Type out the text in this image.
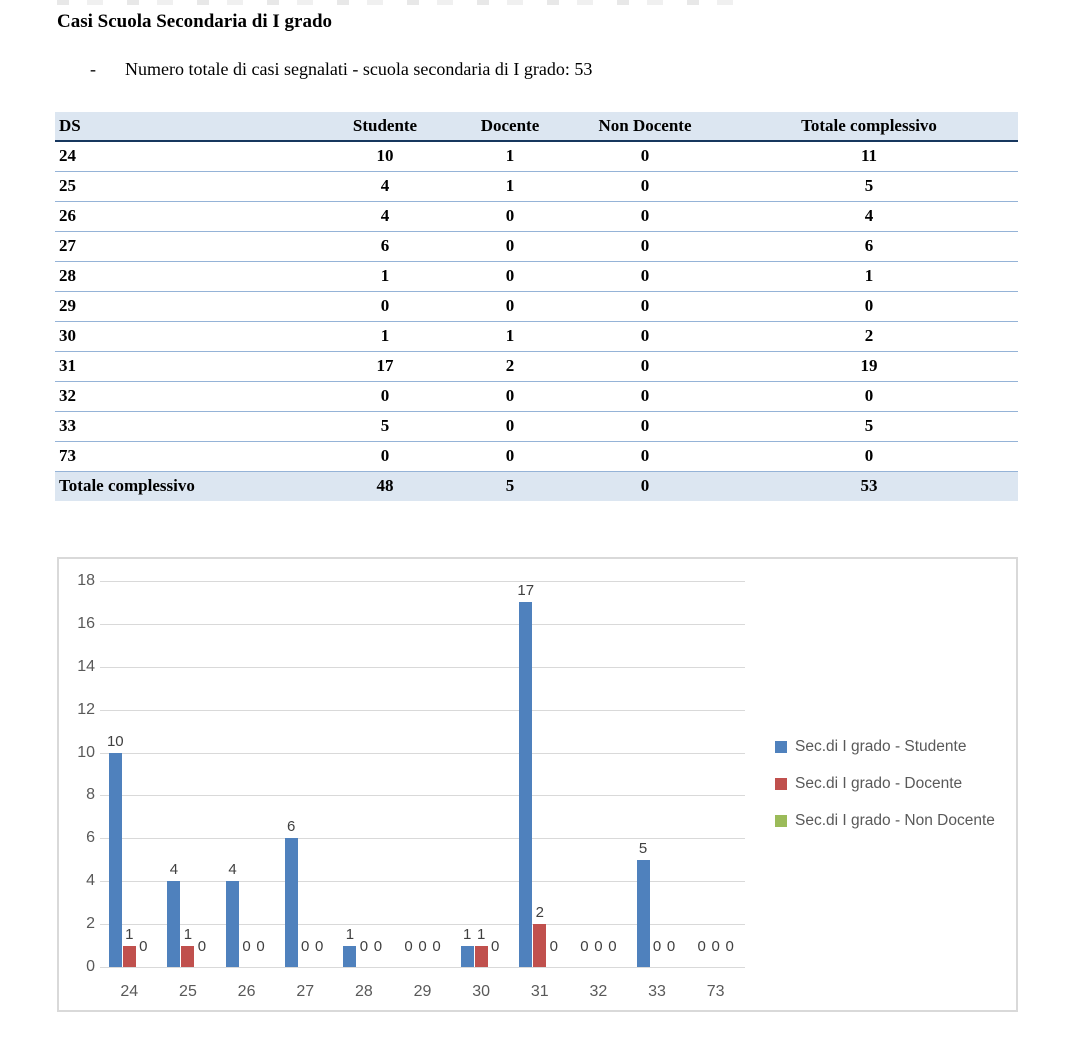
Casi Scuola Secondaria di I grado
- Numero totale di casi segnalati - scuola secondaria di I grado: 53
DS	Studente	Docente	Non Docente	Totale complessivo
24	10	1	0	11
25	4	1	0	5
26	4	0	0	4
27	6	0	0	6
28	1	0	0	1
29	0	0	0	0
30	1	1	0	2
31	17	2	0	19
32	0	0	0	0
33	5	0	0	5
73	0	0	0	0
Totale complessivo	48	5	0	53
0
2
4
6
8
10
12
14
16
18
24
10
1
0
25
4
1
0
26
4
0 0
27
6
0 0
28
1
0 0
29
0 0 0
30
1 1
0
31
17
2
0
32
0 0 0
33
5
0 0
73
0 0 0
Sec.di I grado - Studente
Sec.di I grado - Docente
Sec.di I grado - Non Docente
